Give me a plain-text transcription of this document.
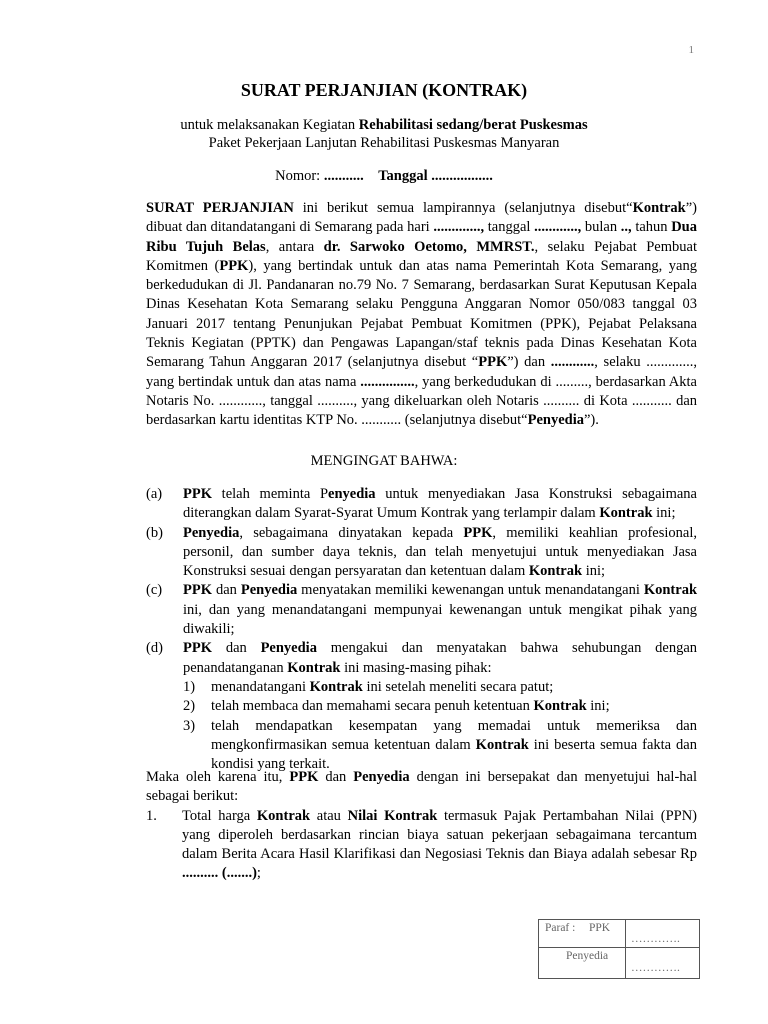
1
SURAT PERJANJIAN (KONTRAK)
untuk melaksanakan Kegiatan Rehabilitasi sedang/berat Puskesmas
Paket Pekerjaan Lanjutan Rehabilitasi Puskesmas Manyaran
Nomor: ........... Tanggal .................
SURAT PERJANJIAN ini berikut semua lampirannya (selanjutnya disebut“Kontrak”) dibuat dan ditandatangani di Semarang pada hari ............., tanggal ............, bulan .., tahun Dua Ribu Tujuh Belas, antara dr. Sarwoko Oetomo, MMRST., selaku Pejabat Pembuat Komitmen (PPK), yang bertindak untuk dan atas nama Pemerintah Kota Semarang, yang berkedudukan di Jl. Pandanaran no.79 No. 7 Semarang, berdasarkan Surat Keputusan Kepala Dinas Kesehatan Kota Semarang selaku Pengguna Anggaran Nomor 050/083 tanggal 03 Januari 2017 tentang Penunjukan Pejabat Pembuat Komitmen (PPK), Pejabat Pelaksana Teknis Kegiatan (PPTK) dan Pengawas Lapangan/staf teknis pada Dinas Kesehatan Kota Semarang Tahun Anggaran 2017 (selanjutnya disebut “PPK”) dan ............, selaku ............., yang bertindak untuk dan atas nama ..............., yang berkedudukan di ........., berdasarkan Akta Notaris No. ............, tanggal .........., yang dikeluarkan oleh Notaris .......... di Kota ........... dan berdasarkan kartu identitas KTP No. ........... (selanjutnya disebut“Penyedia”).
MENGINGAT BAHWA:
(a) PPK telah meminta Penyedia untuk menyediakan Jasa Konstruksi sebagaimana diterangkan dalam Syarat-Syarat Umum Kontrak yang terlampir dalam Kontrak ini;
(b) Penyedia, sebagaimana dinyatakan kepada PPK, memiliki keahlian profesional, personil, dan sumber daya teknis, dan telah menyetujui untuk menyediakan Jasa Konstruksi sesuai dengan persyaratan dan ketentuan dalam Kontrak ini;
(c) PPK dan Penyedia menyatakan memiliki kewenangan untuk menandatangani Kontrak ini, dan yang menandatangani mempunyai kewenangan untuk mengikat pihak yang diwakili;
(d) PPK dan Penyedia mengakui dan menyatakan bahwa sehubungan dengan penandatanganan Kontrak ini masing-masing pihak:
1) menandatangani Kontrak ini setelah meneliti secara patut;
2) telah membaca dan memahami secara penuh ketentuan Kontrak ini;
3) telah mendapatkan kesempatan yang memadai untuk memeriksa dan mengkonfirmasikan semua ketentuan dalam Kontrak ini beserta semua fakta dan kondisi yang terkait.
Maka oleh karena itu, PPK dan Penyedia dengan ini bersepakat dan menyetujui hal-hal sebagai berikut:
1. Total harga Kontrak atau Nilai Kontrak termasuk Pajak Pertambahan Nilai (PPN) yang diperoleh berdasarkan rincian biaya satuan pekerjaan sebagaimana tercantum dalam Berita Acara Hasil Klarifikasi dan Negosiasi Teknis dan Biaya adalah sebesar Rp .......... (.......);
Paraf : PPK
………….
Penyedia
………….
